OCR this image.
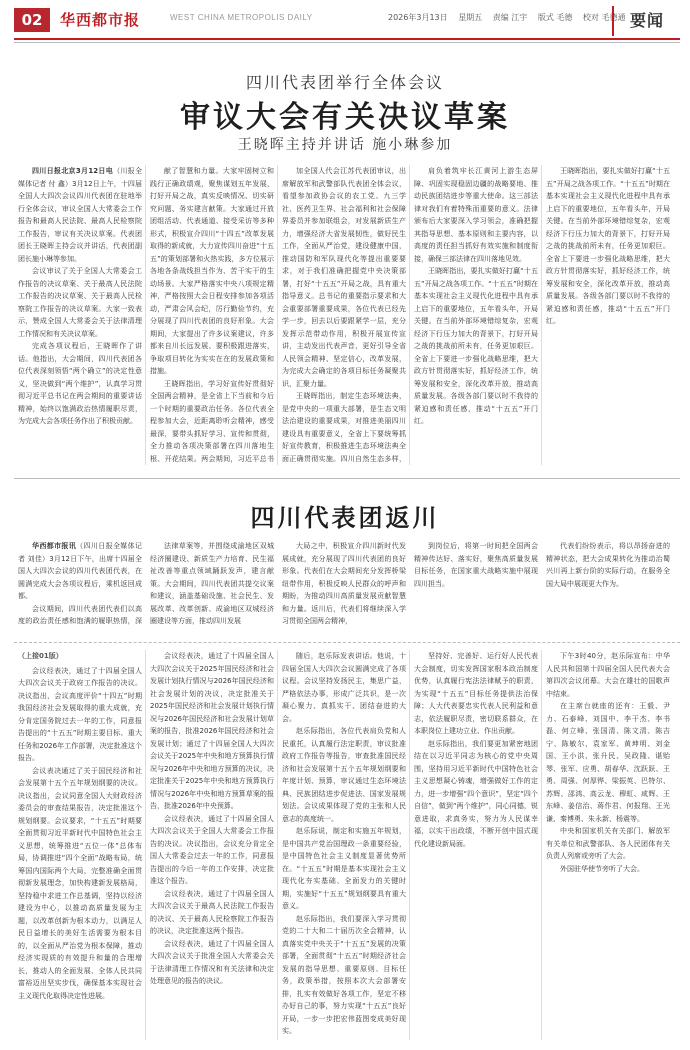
02	华西都市报	WEST CHINA METROPOLIS DAILY	2026年3月13日 星期五 责编 江宇 版式 毛德 校对 毛德通 要闻
四川代表团举行全体会议
审议大会有关决议草案
王晓晖主持并讲话 施小琳参加

四川日报北京3月12日电（川报全媒体记者 付 鑫）3月12日上午，十四届全国人大四次会议四川代表团在驻地举行全体会议，审议全国人大常委会工作报告和最高人民法院、最高人民检察院工作报告，审议有关决议草案。代表团团长王晓晖主持会议并讲话，代表团副团长施小琳等参加。

会议审议了关于全国人大常委会工作报告的决议草案、关于最高人民法院工作报告的决议草案、关于最高人民检察院工作报告的决议草案。大家一致表示，赞成全国人大常委会关于法律清理工作情况和有关决议草案。

完成各项议程后，王晓晖作了讲话。他指出，大会期间，四川代表团各位代表深刻领悟“两个确立”的决定性意义，坚决做到“两个维护”，认真学习贯彻习近平总书记在两会期间的重要讲话精神，始终以饱满政治热情履职尽责，为完成大会各项任务作出了积极贡献。

献了智慧和力量。大家牢固树立和践行正确政绩观，聚焦谋划五年发展，打好开局之战，真实反映情况、切实研究问题、务实建言献策。大家通过开放团组活动、代表通道、接受采访等多种形式，积极宣介四川“十四五”改革发展取得的新成就，大力宣传四川奋进“十五五”的策划部署和火热实践，多方位展示各地各条战线担当作为、苦干实干的生动场景。大家严格落实中央八项规定精神，严格按照大会日程安排参加各项活动，严肃会风会纪，厉行勤俭节约，充分展现了四川代表团的良好形象。大会期间，大家提出了许多议案建议，许多都来自川长远发展、要积极跟进落实，争取项目转化为实实在在的发展政策和措施。

王晓晖指出，学习好宣传好贯彻好全国两会精神，是全省上下当前和今后一个时期的重要政治任务。各位代表全程参加大会，近距离聆听会精神，感受最深，要带头抓好学习、宣传和贯彻，全力推动各项决策部署在四川落地生根、开花结果。两会期间，习近平总书

加全国人代会江苏代表团审议，出席解放军和武警部队代表团全体会议，看望参加政协会议的农工党、九三学社、医药卫生界、社会福利和社会保障界委员并参加联组会，对发展新质生产力，增强经济大省发展韧性，做好民生工作，全面从严治党，建设健康中国，推动国防和军队现代化等提出重要要求，对于我们准确把握党中央决策部署，打好“十五五”开局之战，具有重大指导意义。总书记的重要指示要求和大会重要部署重要成果，各位代表已经先学一步，回去以后要跟紧学一层，充分发挥示范带动作用，积极开展宣传宣讲，主动发出代表声音，更好引导全省人民领会精神、坚定信心，改革发展，为完成大会确定的各项目标任务凝聚共识，汇聚力量。

王晓晖指出，制定生态环境法典，是党中央的一项重大部署，是生态文明法治建设的重要成果，对推进美丽四川建设具有重要意义，全省上下要统筹抓好宣传教育，积极推进生态环境法典全面正确贯彻实施。四川自然生态多样，

肩负着筑牢长江黄河上游生态屏障、巩固实现稳固边疆的战略要地、推动民族团结进步等重大使命。这三部法律对我们有着特殊而重要的意义。法律颁布后大家要深入学习领会，准确把握其指导思想、基本原则和主要内容，以高度的责任担当抓好有效实施和制度衔接，确保三部法律在四川落地见效。

王晓晖指出，要扎实做好打赢“十五五”开局之战各项工作。“十五五”时期在基本实现社会主义现代化进程中具有承上启下的重要地位，五年看头年，开局关键。在当前外部环境错综复杂，宏观经济下行压力加大的背景下，打好开局之战的挑战前所未有，任务更加艰巨。全省上下要进一步强化战略思维，把大政方针贯彻落实好，抓好经济工作，统筹发展和安全，深化改革开放，推动高质量发展。各级各部门要以时不我待的紧迫感和责任感，推动“十五五”开门红。

王晓晖指出，要扎实做好打赢“十五五”开局之战各项工作。“十五五”时期在基本实现社会主义现代化进程中具有承上启下的重要地位，五年看头年，开局关键。在当前外部环境错综复杂，宏观经济下行压力加大的背景下，打好开局之战的挑战前所未有，任务更加艰巨。全省上下要进一步强化战略思维，把大政方针贯彻落实好，抓好经济工作，统筹发展和安全，深化改革开放，推动高质量发展。各级各部门要以时不我待的紧迫感和责任感，推动“十五五”开门红。

四川代表团返川

华西都市报讯（四川日报全媒体记者 刘佳）3月12日下午，出席十四届全国人大四次会议的四川代表团代表，在圆满完成大会各项议程后，乘机返回成都。

会议期间，四川代表团代表们以高度的政治责任感和饱满的履职热情，深

法律草案等，并围绕成渝地区双城经济圈建设、新质生产力培育、民生福祉改善等重点领域踊跃发声，建言献策。大会期间，四川代表团共提交议案和建议，涵盖基础设施、社会民生、发展改革、改革创新、成渝地区双城经济圈建设等方面，推动四川发展

大局之中，积极宣介四川新时代发展成就，充分展现了四川代表团的良好形象。代表们在大会期间充分发挥桥梁纽带作用，积极反映人民群众的呼声和期盼，为推动四川高质量发展贡献智慧和力量。返川后，代表们将继续深入学习贯彻全国两会精神，

到岗位后，将第一时间把全国两会精神传达好、落实好，聚焦高质量发展目标任务，在国家重大战略实施中展现四川担当。

代表们纷纷表示，将以昂扬奋进的精神状态，把大会成果转化为推动治蜀兴川再上新台阶的实际行动，在服务全国大局中展现更大作为。

（上接01版）

会议经表决，通过了十四届全国人大四次会议关于政府工作报告的决议。决议指出，会议高度评价“十四五”时期我国经济社会发展取得的重大成就，充分肯定国务院过去一年的工作，同意报告提出的“十五五”时期主要目标、重大任务和2026年工作部署，决定批准这个报告。

会议表决通过了关于国民经济和社会发展第十五个五年规划纲要的决议。决议指出，会议同意全国人大财政经济委员会的审查结果报告，决定批准这个规划纲要。会议要求，“十五五”时期要全面贯彻习近平新时代中国特色社会主义思想，统筹推进“五位一体”总体布局，协调推进“四个全面”战略布局，统筹国内国际两个大局，完整准确全面贯彻新发展理念，加快构建新发展格局，坚持稳中求进工作总基调，坚持以经济建设为中心，以推动高质量发展为主题，以改革创新为根本动力，以满足人民日益增长的美好生活需要为根本目的，以全面从严治党为根本保障，推动经济实现质的有效提升和量的合理增长，推动人的全面发展、全体人民共同富裕迈出坚实步伐，确保基本实现社会主义现代化取得决定性进展。

会议经表决，通过了十四届全国人大四次会议关于2025年国民经济和社会发展计划执行情况与2026年国民经济和社会发展计划的决议，决定批准关于2025年国民经济和社会发展计划执行情况与2026年国民经济和社会发展计划草案的报告，批准2026年国民经济和社会发展计划；通过了十四届全国人大四次会议关于2025年中央和地方预算执行情况与2026年中央和地方预算的决议，决定批准关于2025年中央和地方预算执行情况与2026年中央和地方预算草案的报告，批准2026年中央预算。

会议经表决，通过了十四届全国人大四次会议关于全国人大常委会工作报告的决议。决议指出，会议充分肯定全国人大常委会过去一年的工作，同意报告提出的今后一年的工作安排，决定批准这个报告。

会议经表决，通过了十四届全国人大四次会议关于最高人民法院工作报告的决议、关于最高人民检察院工作报告的决议，决定批准这两个报告。

会议经表决，通过了十四届全国人大四次会议关于批准全国人大常委会关于法律清理工作情况和有关法律和决定处理意见的报告的决议。

随后，赵乐际发表讲话。他说，十四届全国人大四次会议圆满完成了各项议程。会议坚持发扬民主，集思广益，严格依法办事，形成广泛共识，是一次凝心聚力、真抓实干、团结奋进的大会。

赵乐际指出，各位代表肩负党和人民重托，认真履行法定职责，审议批准政府工作报告等报告，审查批准国民经济和社会发展第十五个五年规划纲要和年度计划、预算，审议通过生态环境法典、民族团结进步促进法、国家发展规划法。会议成果体现了党的主张和人民意志的高度统一。

赵乐际说，制定和实施五年规划，是中国共产党治国理政一条重要经验，是中国特色社会主义制度显著优势所在。“十五五”时期是基本实现社会主义现代化夯实基础、全面发力的关键时期，实施好“十五五”规划纲要具有重大意义。

赵乐际指出，我们要深入学习贯彻党的二十大和二十届历次全会精神，认真落实党中央关于“十五五”发展的决策部署，全面贯彻“十五五”时期经济社会发展的指导思想、重要原则、目标任务，政策举措，按照本次大会部署安排，扎实有效做好各项工作，坚定不移办好自己的事，努力实现“十五五”良好开局，一步一步把宏伟蓝图变成美好现实。

坚持好、完善好、运行好人民代表大会制度，切实发挥国家根本政治制度优势，认真履行宪法法律赋予的职责，为实现“十五五”目标任务提供法治保障；人大代表要忠实代表人民利益和意志，依法履职尽责，密切联系群众，在本职岗位上建功立业、作出贡献。

赵乐际指出，我们要更加紧密地团结在以习近平同志为核心的党中央周围，坚持用习近平新时代中国特色社会主义思想凝心铸魂，增强做好工作的定力，进一步增强“四个意识”，坚定“四个自信”，做到“两个维护”，同心同德，锐意进取，求真务实，努力为人民谋幸福，以实干出政绩，不断开创中国式现代化建设新局面。

下午3时40分，赵乐际宣布：中华人民共和国第十四届全国人民代表大会第四次会议闭幕。大会在雄壮的国歌声中结束。

在主席台就座的还有：王毅、尹力、石泰峰、刘国中、李干杰、李书磊、何立峰、张国清、陈文清、陈吉宁、陈敏尔、袁家军、黄坤明、刘金国、王小洪、张升民、吴政隆、谌贻琴、张军、应勇、胡春华、沈跃跃、王勇、周强、何厚铧、梁振英、巴特尔、苏辉、邵鸿、高云龙、穆虹、咸辉、王东峰、姜信治、蒋作君、何报翔、王光谦、秦博勇、朱永新、杨震等。

中央和国家机关有关部门、解放军有关单位和武警部队、各人民团体有关负责人列席或旁听了大会。

外国驻华使节旁听了大会。
